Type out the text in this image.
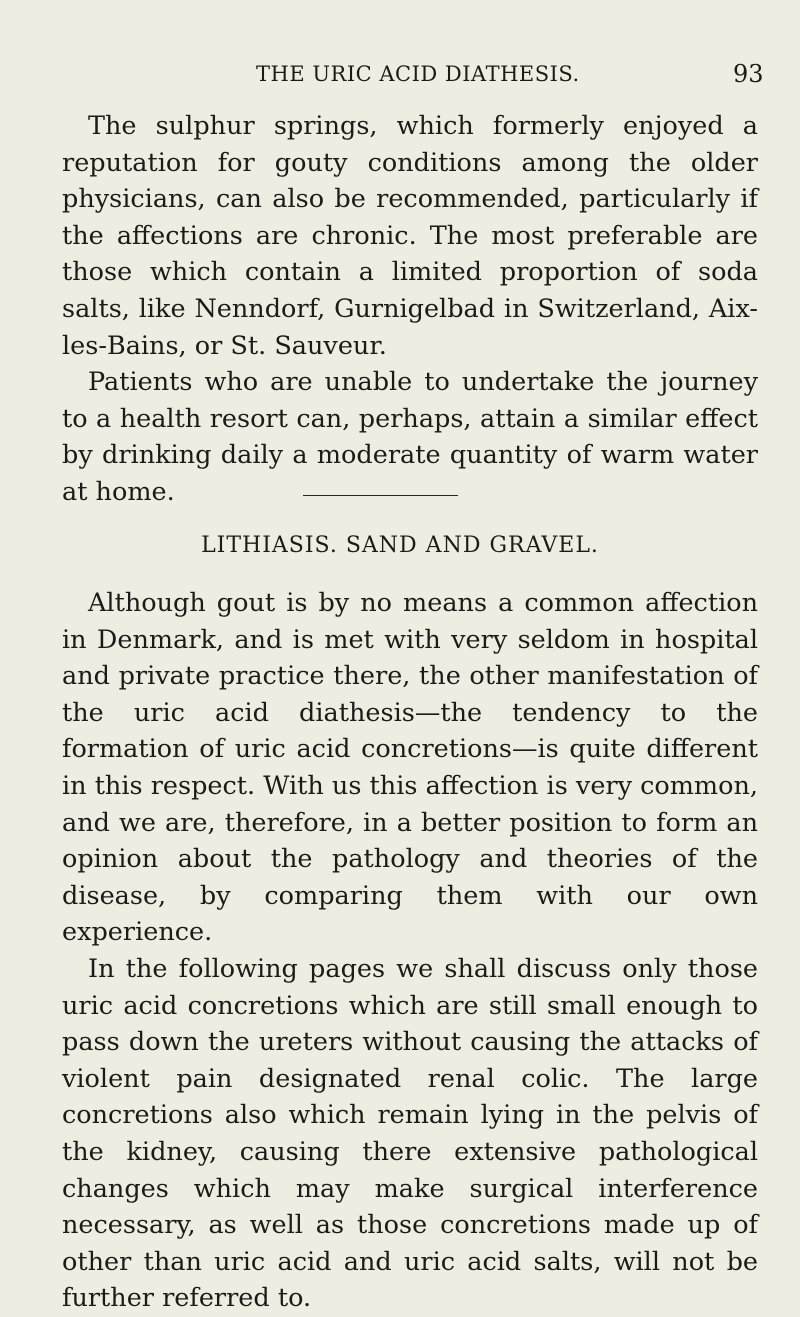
THE URIC ACID DIATHESIS.	93

The sulphur springs, which formerly enjoyed a reputation for gouty conditions among the older physicians, can also be recommended, particularly if the affections are chronic. The most preferable are those which contain a limited proportion of soda salts, like Nenndorf, Gurnigelbad in Switzerland, Aix-les-Bains, or St. Sauveur.

Patients who are unable to undertake the journey to a health resort can, perhaps, attain a similar effect by drinking daily a moderate quantity of warm water at home.

LITHIASIS. SAND AND GRAVEL.

Although gout is by no means a common affection in Denmark, and is met with very seldom in hospital and private practice there, the other manifestation of the uric acid diathesis—the tendency to the formation of uric acid concretions—is quite different in this respect. With us this affection is very common, and we are, therefore, in a better position to form an opinion about the pathology and theories of the disease, by comparing them with our own experience.

In the following pages we shall discuss only those uric acid concretions which are still small enough to pass down the ureters without causing the attacks of violent pain designated renal colic. The large concretions also which remain lying in the pelvis of the kidney, causing there extensive pathological changes which may make surgical interference necessary, as well as those concretions made up of other than uric acid and uric acid salts, will not be further referred to.
